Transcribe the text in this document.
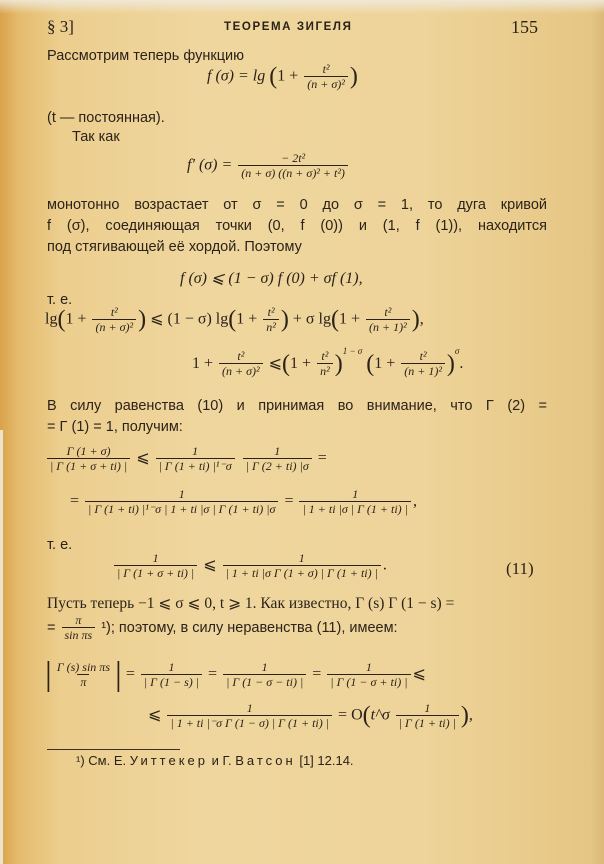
§ 3]	ТЕОРЕМА ЗИГЕЛЯ	155
Рассмотрим теперь функцию
f $(\sigma) = \lg (1 + \frac{\text{t²}}{\text{(n + σ)²}}$ )
(t — постоянная).
Так как
f′ $(\sigma) = \frac{\text{− 2t²}}{\text{(n + σ) ((n + σ)² + t²)}}$
монотонно возрастает от σ = 0 до σ = 1, то дуга кривой
f (σ), соединяющая точки (0, f (0)) и (1, f (1)), находится
под стягивающей её хордой. Поэтому
f (σ) ⩽ (1 − σ) f (0) + σf (1),
т. е.
$\lg(1 + \frac{\text{t²}}{\text{(n + σ)²}}$ ) ⩽ (1 − σ) $\lg(1 + \frac{\text{t²}}{\text{n²}}$ ) + σ $\lg(1 + \frac{\text{t²}}{\text{(n + 1)²}}$ ),
$1 + \frac{\text{t²}}{\text{(n + σ)²}}$ ⩽(1 + $\frac{\text{t²}}{\text{n²}} )^{1 - \sigma}$ $(1 + \frac{\text{t²}}{\text{(n + 1)²}} )^\sigma$.
В силу равенства (10) и принимая во внимание, что Γ (2) =
= Γ (1) = 1, получим:
$\frac{\Gamma (1 + \sigma)}{| \Gamma (1 + \sigma + ti) |}$ ⩽ $\frac{1}{\text{| Γ (1 + ti) |¹⁻σ}}$
$\frac{1}{| \Gamma (2 + ti) |\sigma}$ =
= $\frac{1}{\text{| Γ (1 + ti) |¹⁻σ | 1 + ti |σ | Γ (1 + ti) |σ}} = \frac{1}{| 1 + ti |\sigma | \Gamma (1 + ti) |}$ ,
т. е.
$\frac{1}{| \Gamma (1 + \sigma + ti) |}$ ⩽ $\frac{1}{\text{| 1 + ti |σ Γ (1 + σ) | Γ (1 + ti) |}}$ .	(11)
Пусть теперь −1 ⩽ σ ⩽ 0, t ⩾ 1. Как известно, Γ (s) Γ (1 − s) =
= $\frac{\pi}{\text{sin πs}} ^1$); поэтому, в силу неравенства (11), имеем:
| $\frac{\text{Γ (s) sin πs}}{\pi}$ | = $\frac{1}{| \Gamma (1 - s) |} = \frac{1}{| \Gamma (1 - \sigma - ti) |} = \frac{1}{| \Gamma (1 - \sigma + ti) |}$ ⩽
⩽ $\frac{1}{\text{| 1 + ti |⁻σ Γ (1 − σ) | Γ (1 + ti) |}}$ = O(t^σ $\frac{1}{| \Gamma (1 + ti) |}$ ),
¹) См. Е. Уиттекер и Г. Ватсон [1] 12.14.
